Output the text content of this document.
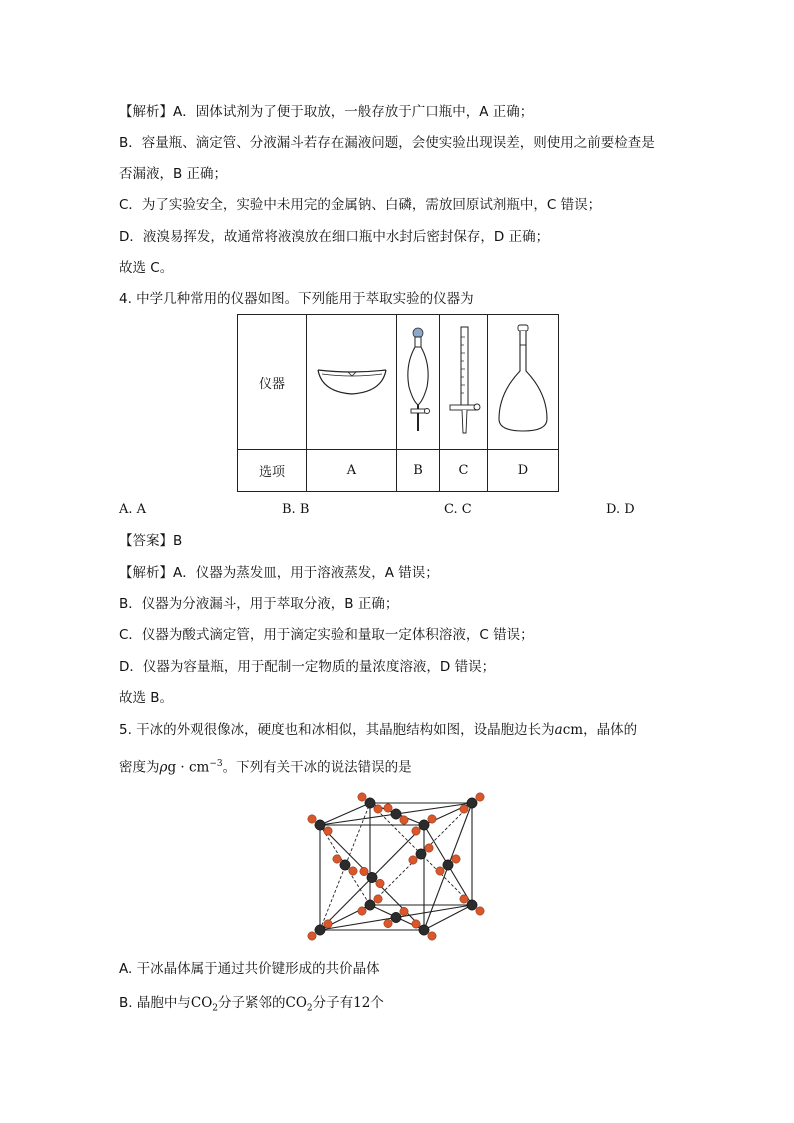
【解析】A．固体试剂为了便于取放，一般存放于广口瓶中，A 正确；
B．容量瓶、滴定管、分液漏斗若存在漏液问题，会使实验出现误差，则使用之前要检查是
否漏液，B 正确；
C．为了实验安全，实验中未用完的金属钠、白磷，需放回原试剂瓶中，C 错误；
D．液溴易挥发，故通常将液溴放在细口瓶中水封后密封保存，D 正确；
故选 C。
4. 中学几种常用的仪器如图。下列能用于萃取实验的仪器为
仪器				
选项	A	B	C	D
A. A	B. B	C. C	D. D
【答案】B
【解析】A．仪器为蒸发皿，用于溶液蒸发，A 错误；
B．仪器为分液漏斗，用于萃取分液，B 正确；
C．仪器为酸式滴定管，用于滴定实验和量取一定体积溶液，C 错误；
D．仪器为容量瓶，用于配制一定物质的量浓度溶液，D 错误；
故选 B。
5. 干冰的外观很像冰，硬度也和冰相似，其晶胞结构如图，设晶胞边长为acm，晶体的
密度为$\rho g \cdot cm^{-3}$。下列有关干冰的说法错误的是
A. 干冰晶体属于通过共价键形成的共价晶体
B. 晶胞中与$CO_2$分子紧邻的$CO_2$分子有12个
